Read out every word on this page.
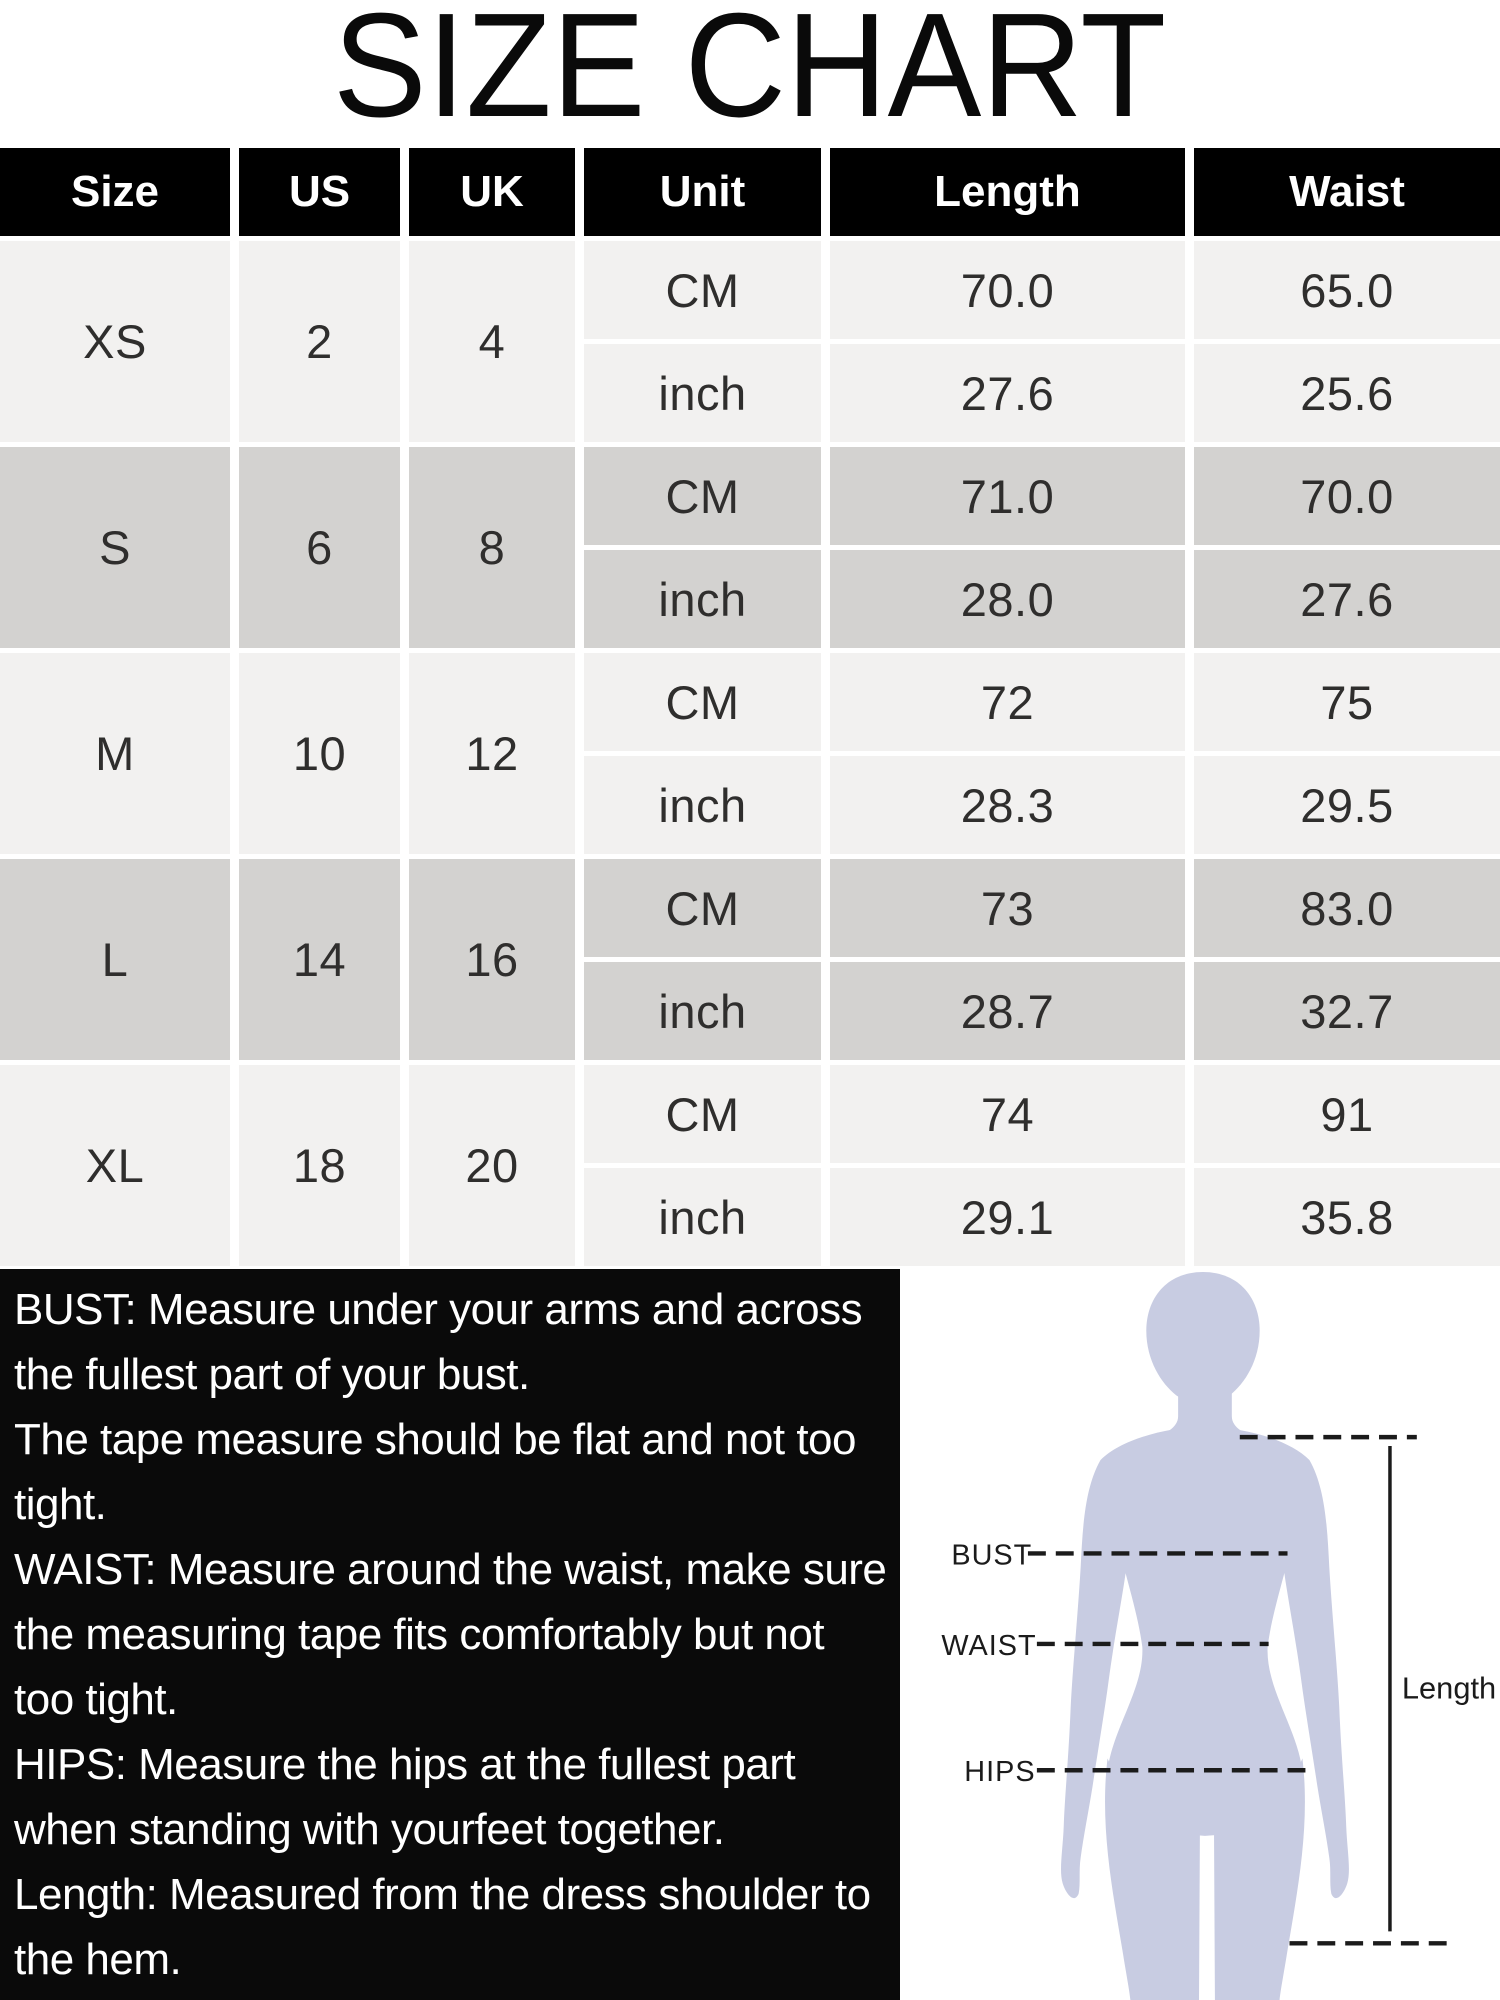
SIZE CHART
Size	US	UK	Unit	Length	Waist
XS	2	4
CM	70.0	65.0
inch	27.6	25.6
S	6	8
CM	71.0	70.0
inch	28.0	27.6
M	10	12
CM	72	75
inch	28.3	29.5
L	14	16
CM	73	83.0
inch	28.7	32.7
XL	18	20
CM	74	91
inch	29.1	35.8
BUST: Measure under your arms and across
the fullest part of your bust.
The tape measure should be flat and not too
tight.
WAIST: Measure around the waist, make sure
the measuring tape fits comfortably but not
too tight.
HIPS: Measure the hips at the fullest part
when standing with yourfeet together.
Length: Measured from the dress shoulder to
the hem.
BUST
WAIST
HIPS
Length
